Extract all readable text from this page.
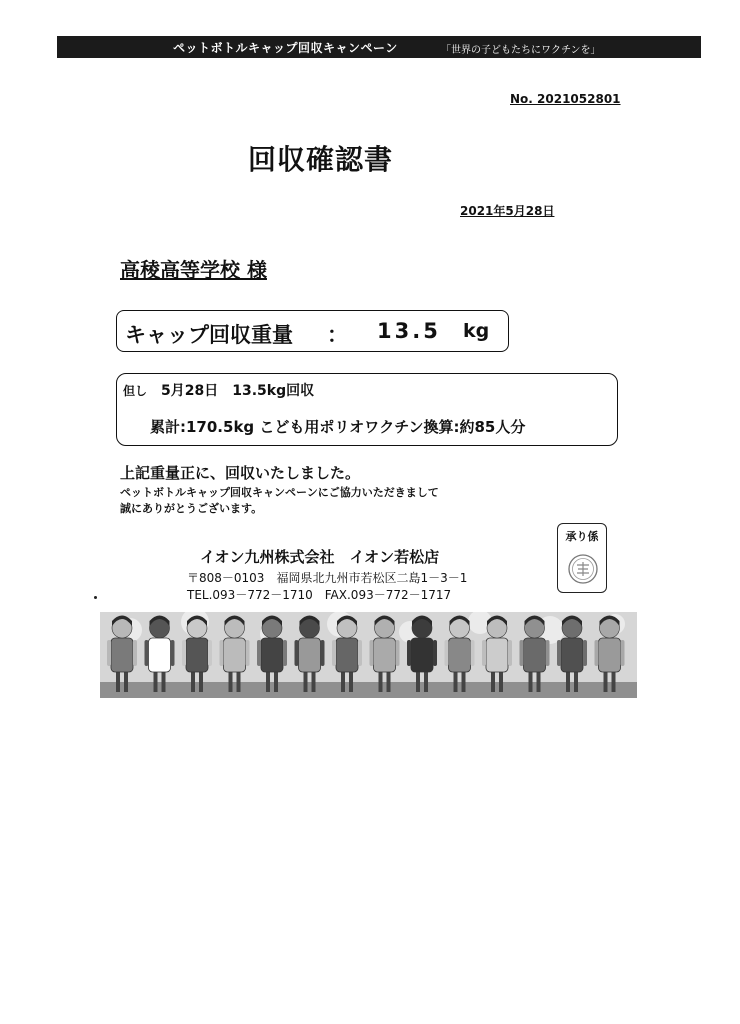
ペットボトルキャップ回収キャンペーン	「世界の子どもたちにワクチンを」
No. 2021052801
回収確認書
2021年5月28日
高稜高等学校 様
キャップ回収重量 ： 13.5 kg
但し 5月28日　13.5kg回収
累計:170.5kg こども用ポリオワクチン換算:約85人分
上記重量正に、回収いたしました。
ペットボトルキャップ回収キャンペーンにご協力いただきまして
誠にありがとうございます。
承り係
イオン九州株式会社　イオン若松店
〒808－0103　福岡県北九州市若松区二島1－3－1
TEL.093－772－1710　FAX.093－772－1717
